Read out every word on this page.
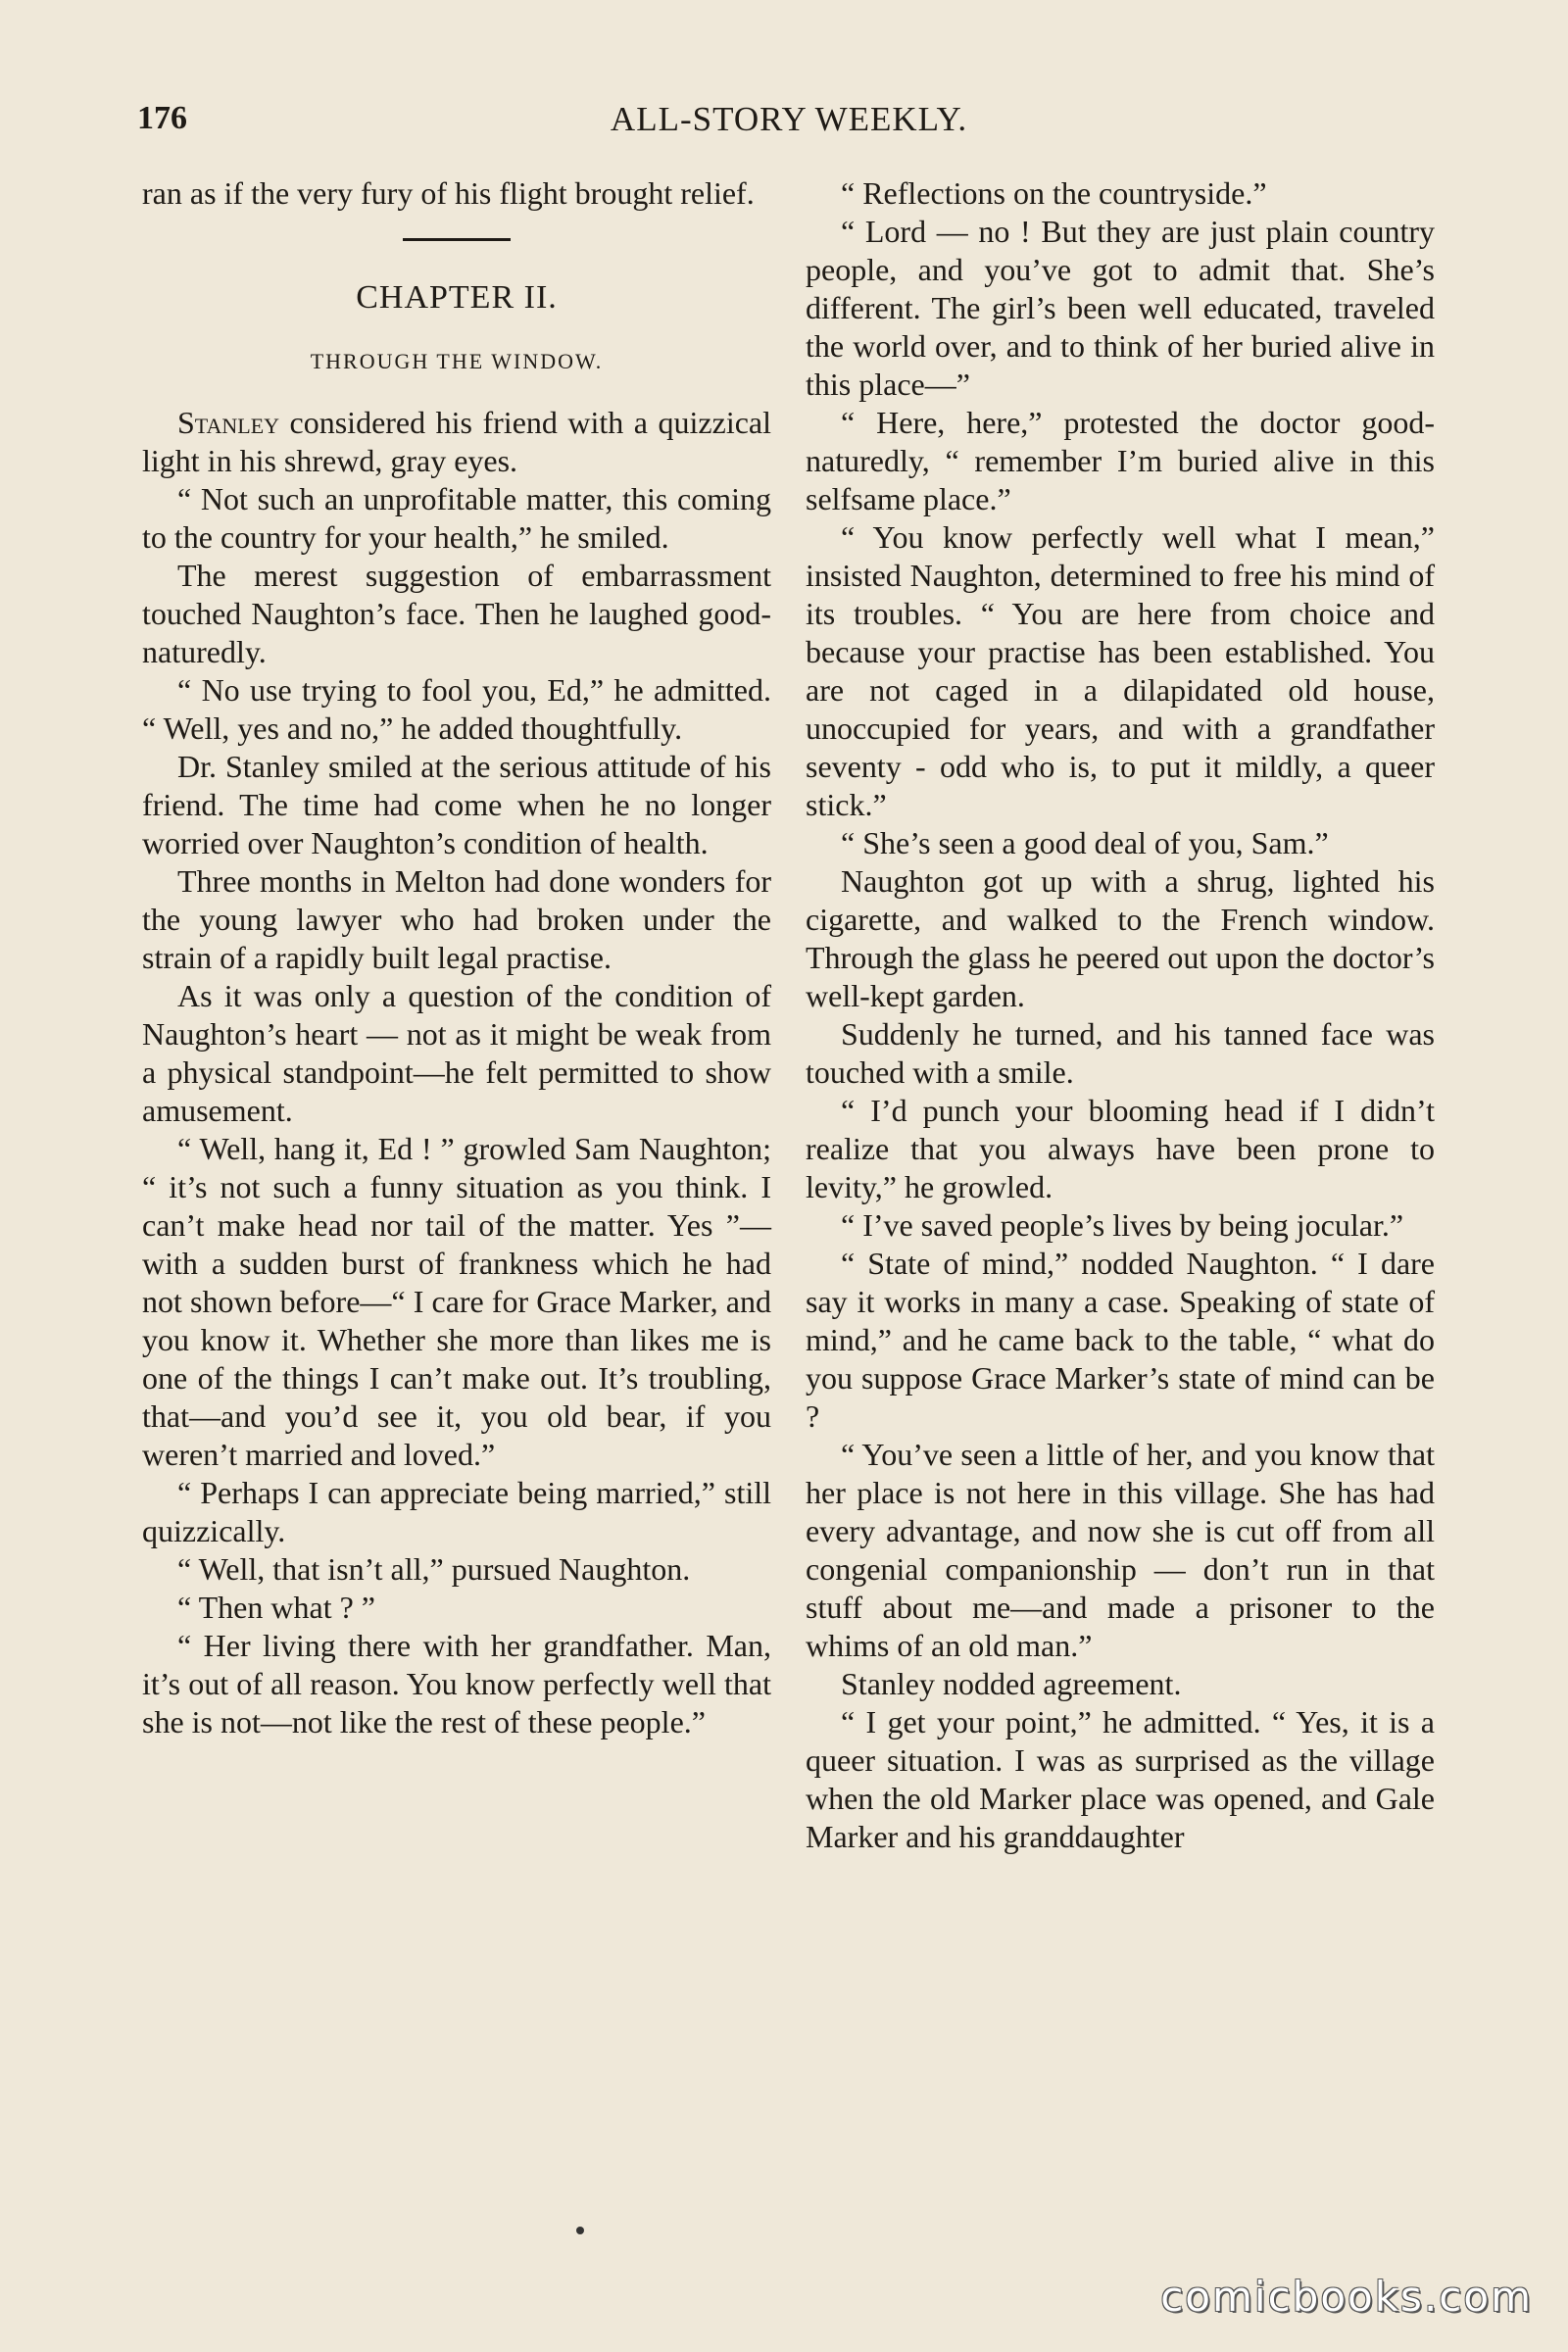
176	ALL-STORY WEEKLY.

ran as if the very fury of his flight brought relief.

CHAPTER II.
THROUGH THE WINDOW.

Stanley considered his friend with a quizzical light in his shrewd, gray eyes.

“ Not such an unprofitable matter, this coming to the country for your health,” he smiled.

The merest suggestion of embarrassment touched Naughton’s face. Then he laughed good-naturedly.

“ No use trying to fool you, Ed,” he admitted. “ Well, yes and no,” he added thoughtfully.

Dr. Stanley smiled at the serious attitude of his friend. The time had come when he no longer worried over Naughton’s condition of health.

Three months in Melton had done wonders for the young lawyer who had broken under the strain of a rapidly built legal practise.

As it was only a question of the condition of Naughton’s heart — not as it might be weak from a physical standpoint—he felt permitted to show amusement.

“ Well, hang it, Ed ! ” growled Sam Naughton; “ it’s not such a funny situation as you think. I can’t make head nor tail of the matter. Yes ”—with a sudden burst of frankness which he had not shown before—“ I care for Grace Marker, and you know it. Whether she more than likes me is one of the things I can’t make out. It’s troubling, that—and you’d see it, you old bear, if you weren’t married and loved.”

“ Perhaps I can appreciate being married,” still quizzically.

“ Well, that isn’t all,” pursued Naughton.

“ Then what ? ”

“ Her living there with her grandfather. Man, it’s out of all reason. You know perfectly well that she is not—not like the rest of these people.”

“ Reflections on the countryside.”

“ Lord — no ! But they are just plain country people, and you’ve got to admit that. She’s different. The girl’s been well educated, traveled the world over, and to think of her buried alive in this place—”

“ Here, here,” protested the doctor good-naturedly, “ remember I’m buried alive in this selfsame place.”

“ You know perfectly well what I mean,” insisted Naughton, determined to free his mind of its troubles. “ You are here from choice and because your practise has been established. You are not caged in a dilapidated old house, unoccupied for years, and with a grandfather seventy - odd who is, to put it mildly, a queer stick.”

“ She’s seen a good deal of you, Sam.”

Naughton got up with a shrug, lighted his cigarette, and walked to the French window. Through the glass he peered out upon the doctor’s well-kept garden.

Suddenly he turned, and his tanned face was touched with a smile.

“ I’d punch your blooming head if I didn’t realize that you always have been prone to levity,” he growled.

“ I’ve saved people’s lives by being jocular.”

“ State of mind,” nodded Naughton. “ I dare say it works in many a case. Speaking of state of mind,” and he came back to the table, “ what do you suppose Grace Marker’s state of mind can be ?

“ You’ve seen a little of her, and you know that her place is not here in this village. She has had every advantage, and now she is cut off from all congenial companionship — don’t run in that stuff about me—and made a prisoner to the whims of an old man.”

Stanley nodded agreement.

“ I get your point,” he admitted. “ Yes, it is a queer situation. I was as surprised as the village when the old Marker place was opened, and Gale Marker and his granddaughter

comicbooks.com
